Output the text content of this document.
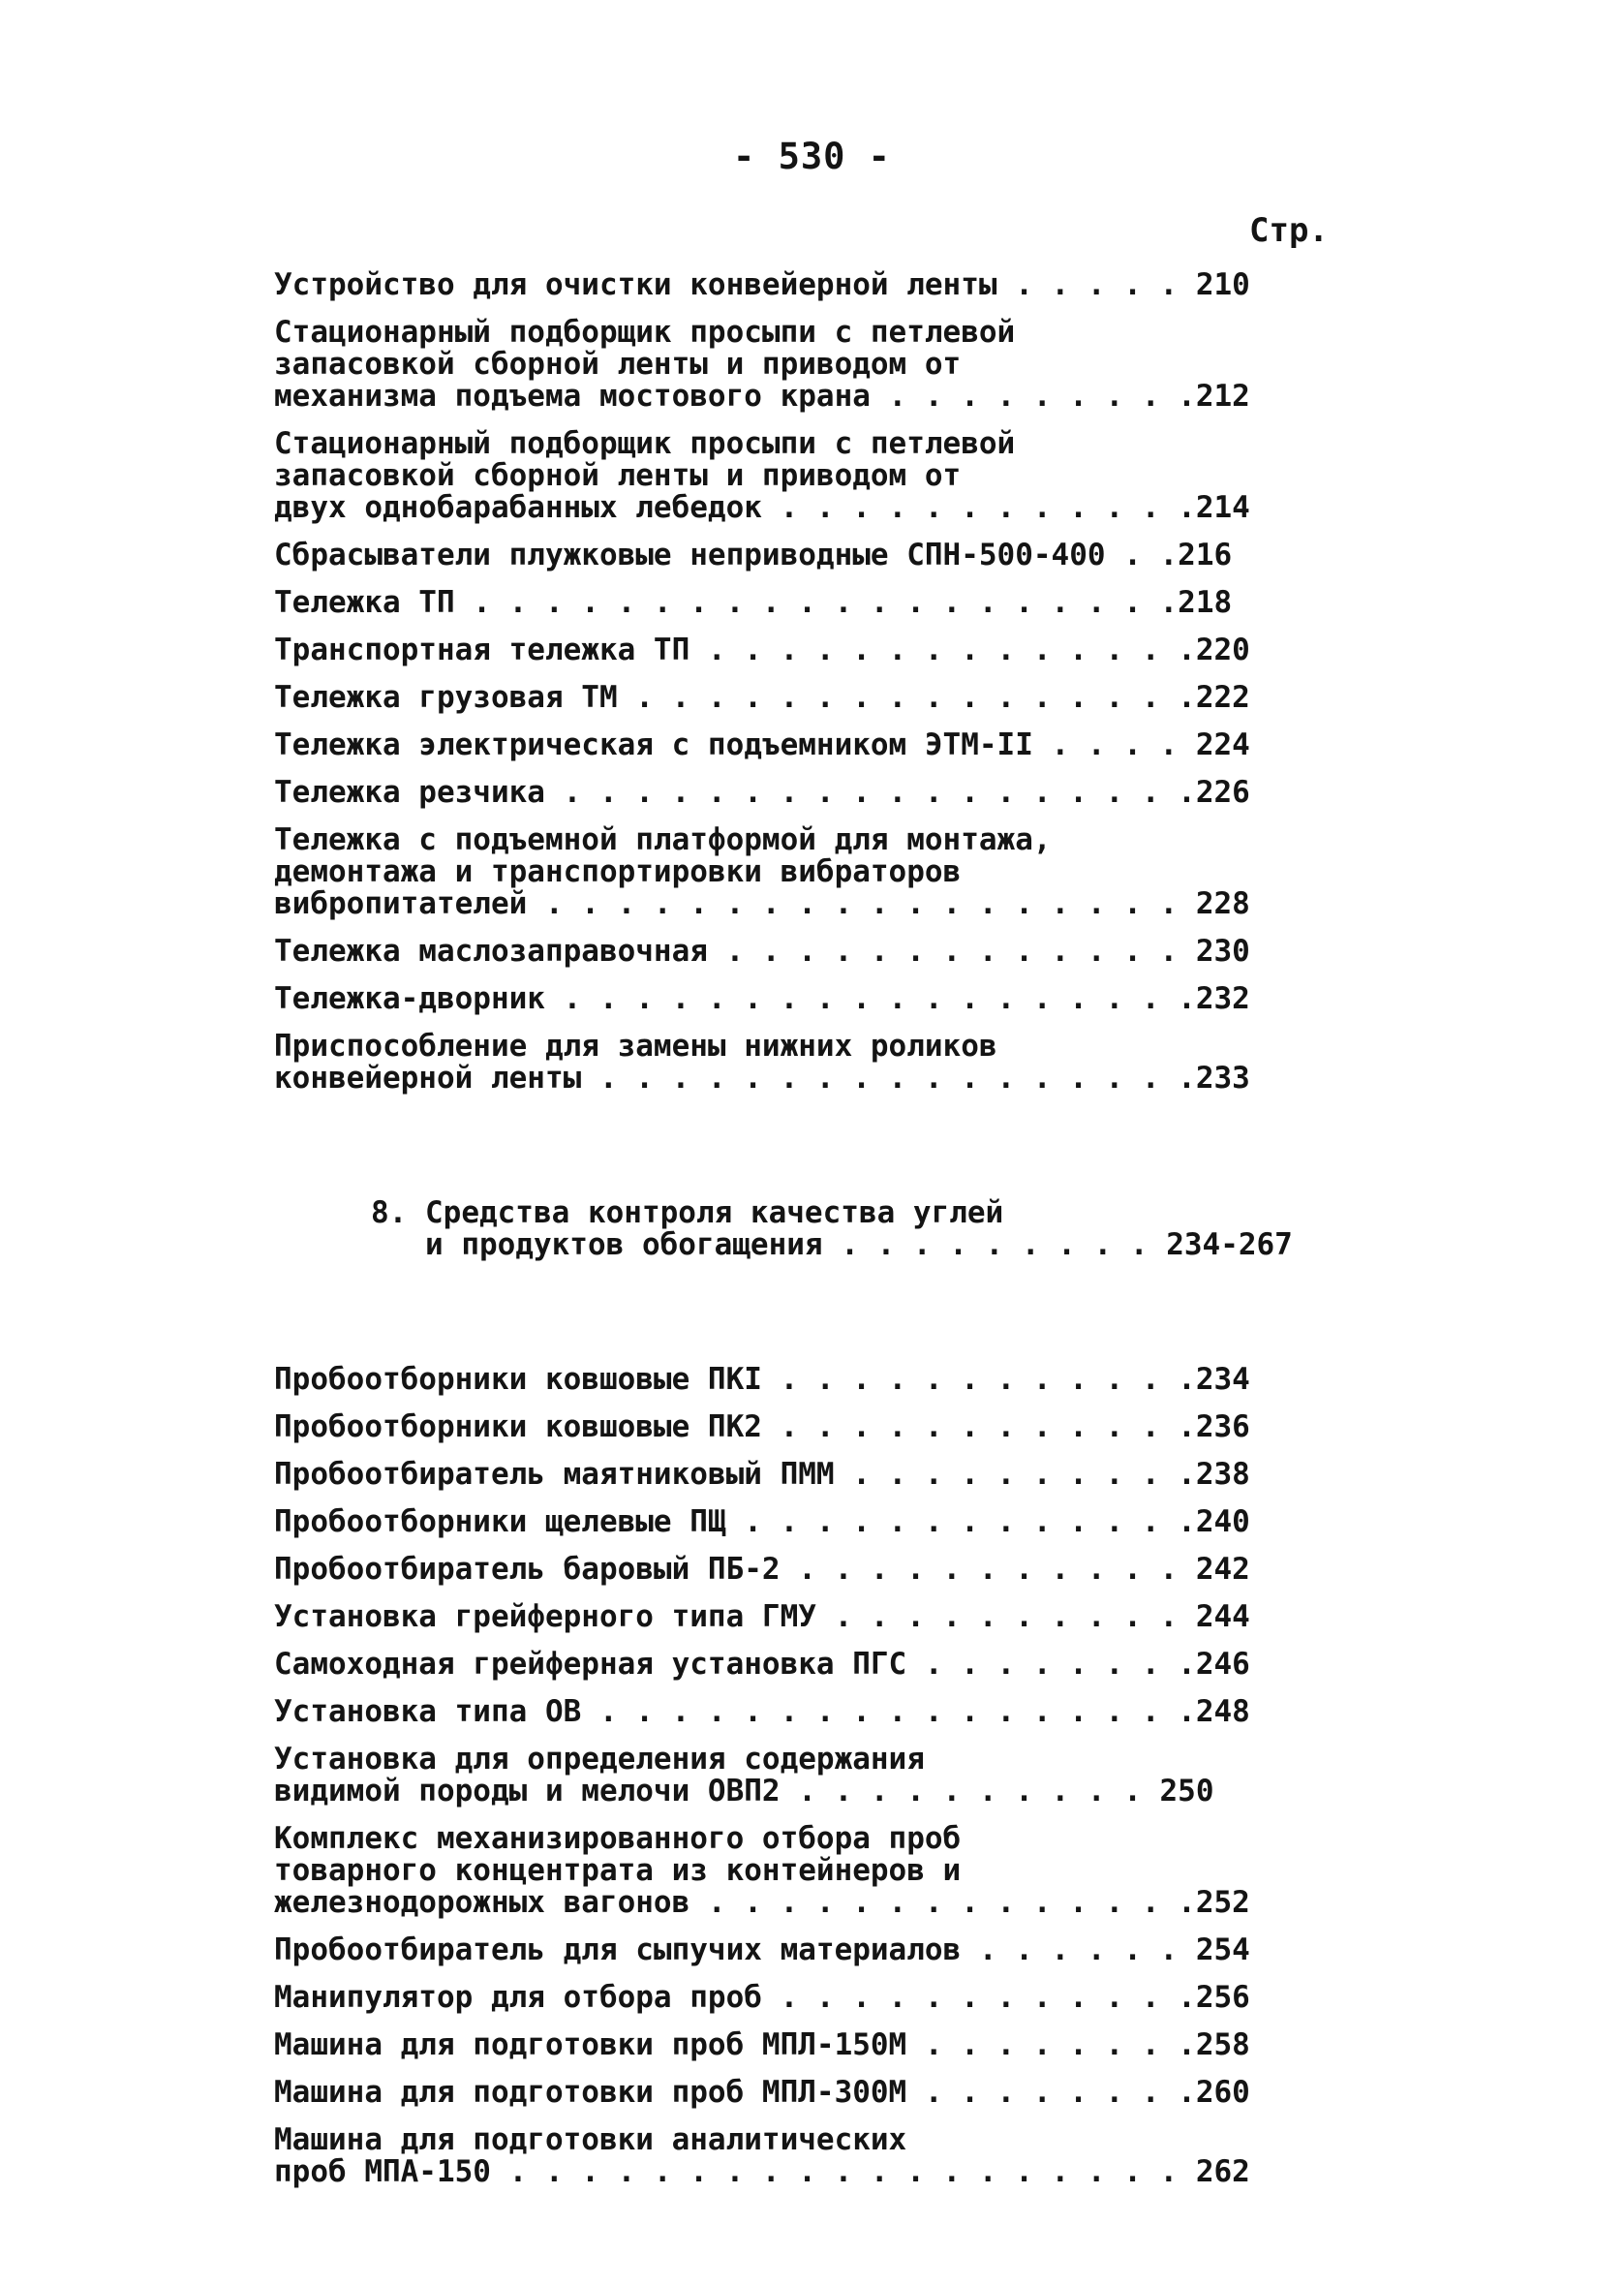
- 530 -
Стр.
Устройство для очистки конвейерной ленты . . . . . 210
Стационарный подборщик просыпи с петлевой
запасовкой сборной ленты и приводом от
механизма подъема мостового крана . . . . . . . . .212
Стационарный подборщик просыпи с петлевой
запасовкой сборной ленты и приводом от
двух однобарабанных лебедок . . . . . . . . . . . .214
Сбрасыватели плужковые неприводные СПН-500-400 . .216
Тележка ТП . . . . . . . . . . . . . . . . . . . .218
Транспортная тележка ТП . . . . . . . . . . . . . .220
Тележка грузовая ТМ . . . . . . . . . . . . . . . .222
Тележка электрическая с подъемником ЭТМ-II . . . . 224
Тележка резчика . . . . . . . . . . . . . . . . . .226
Тележка с подъемной платформой для монтажа,
демонтажа и транспортировки вибраторов
вибропитателей . . . . . . . . . . . . . . . . . . 228
Тележка маслозаправочная . . . . . . . . . . . . . 230
Тележка-дворник . . . . . . . . . . . . . . . . . .232
Приспособление для замены нижних роликов
конвейерной ленты . . . . . . . . . . . . . . . . .233

8. Средства контроля качества углей
и продуктов обогащения . . . . . . . . . 234-267

Пробоотборники ковшовые ПКI . . . . . . . . . . . .234
Пробоотборники ковшовые ПК2 . . . . . . . . . . . .236
Пробоотбиратель маятниковый ПММ . . . . . . . . . .238
Пробоотборники щелевые ПЩ . . . . . . . . . . . . .240
Пробоотбиратель баровый ПБ-2 . . . . . . . . . . . 242
Установка грейферного типа ГМУ . . . . . . . . . . 244
Самоходная грейферная установка ПГС . . . . . . . .246
Установка типа ОВ . . . . . . . . . . . . . . . . .248
Установка для определения содержания
видимой породы и мелочи ОВП2 . . . . . . . . . . 250
Комплекс механизированного отбора проб
товарного концентрата из контейнеров и
железнодорожных вагонов . . . . . . . . . . . . . .252
Пробоотбиратель для сыпучих материалов . . . . . . 254
Манипулятор для отбора проб . . . . . . . . . . . .256
Машина для подготовки проб МПЛ-150М . . . . . . . .258
Машина для подготовки проб МПЛ-300М . . . . . . . .260
Машина для подготовки аналитических
проб МПА-150 . . . . . . . . . . . . . . . . . . . 262
